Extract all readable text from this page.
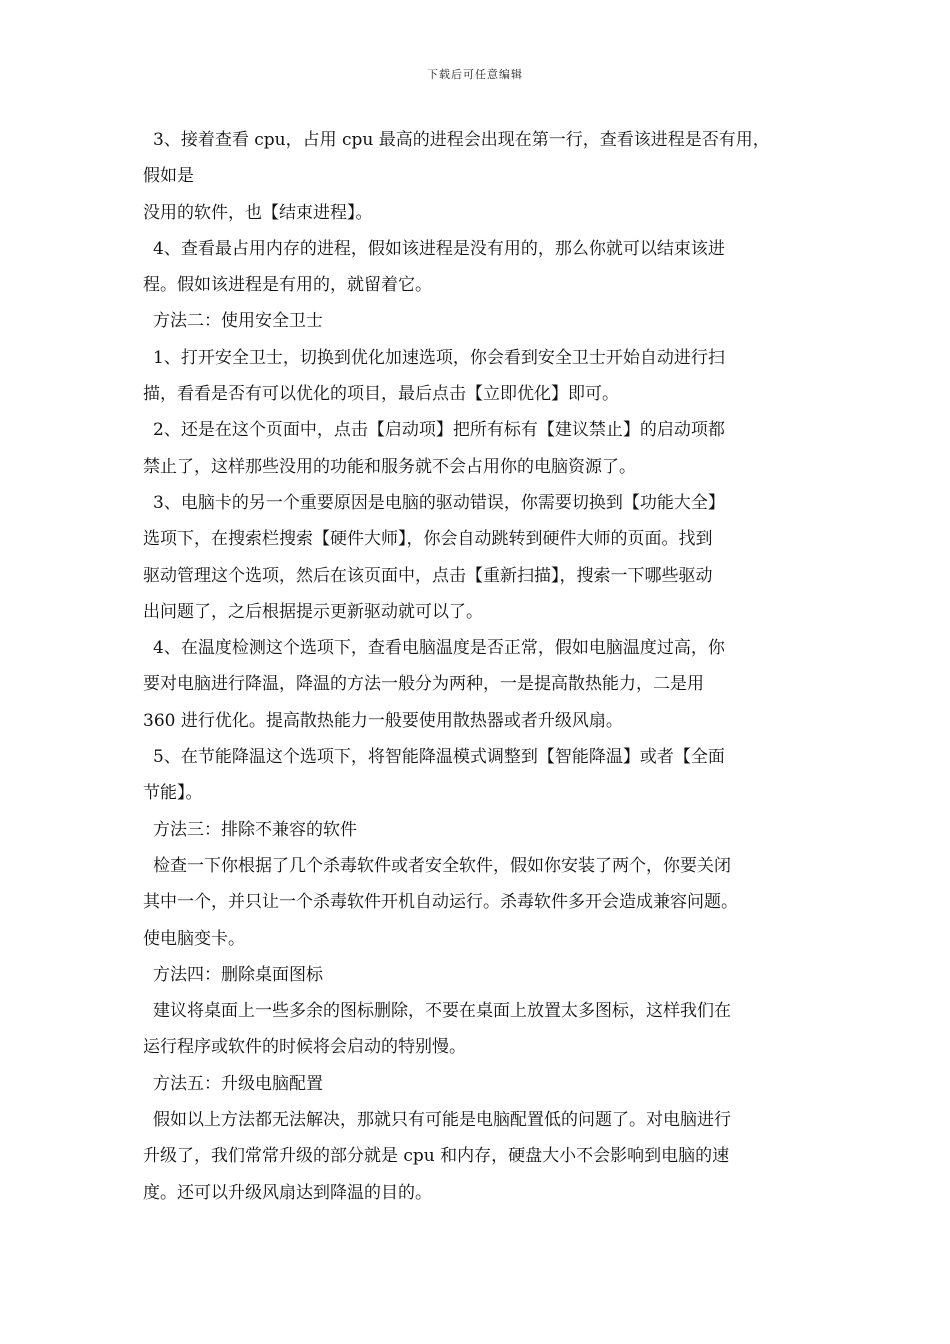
下载后可任意编辑
3、接着查看 cpu，占用 cpu 最高的进程会出现在第一行，查看该进程是否有用，
假如是
没用的软件，也【结束进程】。
4、查看最占用内存的进程，假如该进程是没有用的，那么你就可以结束该进
程。假如该进程是有用的，就留着它。
方法二：使用安全卫士
1、打开安全卫士，切换到优化加速选项，你会看到安全卫士开始自动进行扫
描，看看是否有可以优化的项目，最后点击【立即优化】即可。
2、还是在这个页面中，点击【启动项】把所有标有【建议禁止】的启动项都
禁止了，这样那些没用的功能和服务就不会占用你的电脑资源了。
3、电脑卡的另一个重要原因是电脑的驱动错误，你需要切换到【功能大全】
选项下，在搜索栏搜索【硬件大师】，你会自动跳转到硬件大师的页面。找到
驱动管理这个选项，然后在该页面中，点击【重新扫描】，搜索一下哪些驱动
出问题了，之后根据提示更新驱动就可以了。
4、在温度检测这个选项下，查看电脑温度是否正常，假如电脑温度过高，你
要对电脑进行降温，降温的方法一般分为两种，一是提高散热能力，二是用
360 进行优化。提高散热能力一般要使用散热器或者升级风扇。
5、在节能降温这个选项下，将智能降温模式调整到【智能降温】或者【全面
节能】。
方法三：排除不兼容的软件
检查一下你根据了几个杀毒软件或者安全软件，假如你安装了两个，你要关闭
其中一个，并只让一个杀毒软件开机自动运行。杀毒软件多开会造成兼容问题。
使电脑变卡。
方法四：删除桌面图标
建议将桌面上一些多余的图标删除，不要在桌面上放置太多图标，这样我们在
运行程序或软件的时候将会启动的特别慢。
方法五：升级电脑配置
假如以上方法都无法解决，那就只有可能是电脑配置低的问题了。对电脑进行
升级了，我们常常升级的部分就是 cpu 和内存，硬盘大小不会影响到电脑的速
度。还可以升级风扇达到降温的目的。
